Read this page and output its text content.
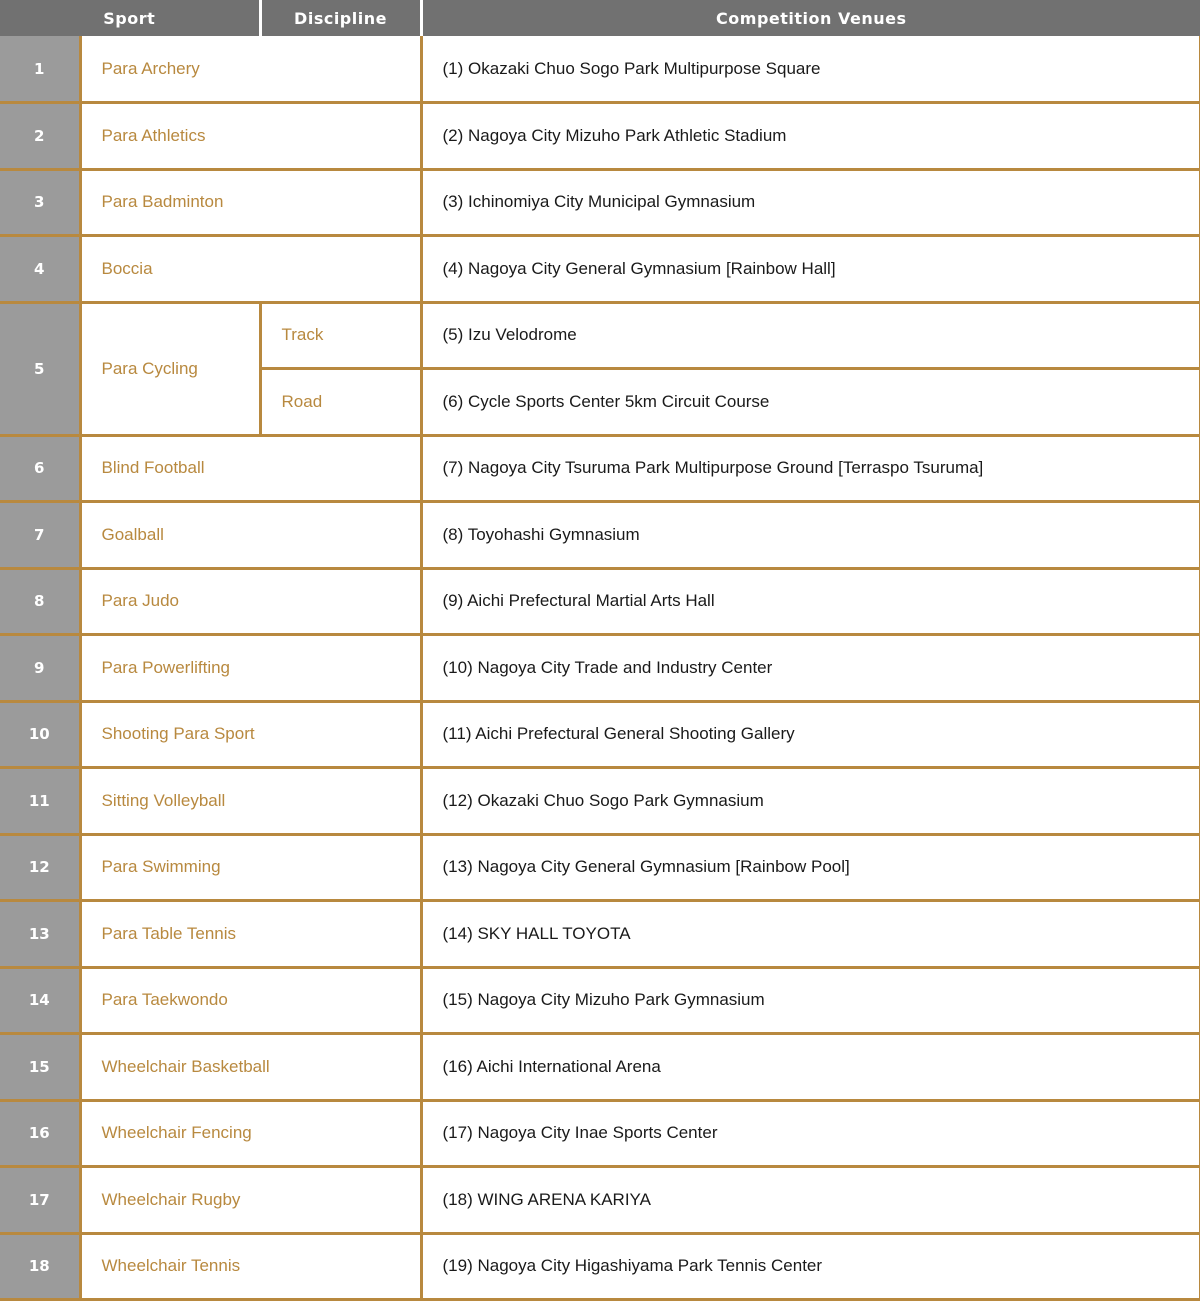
Sport		Discipline	Competition Venues
1	Para Archery		(1) Okazaki Chuo Sogo Park Multipurpose Square
2	Para Athletics		(2) Nagoya City Mizuho Park Athletic Stadium
3	Para Badminton		(3) Ichinomiya City Municipal Gymnasium
4	Boccia		(4) Nagoya City General Gymnasium [Rainbow Hall]
5	Para Cycling	Track	(5) Izu Velodrome
		Road	(6) Cycle Sports Center 5km Circuit Course
6	Blind Football		(7) Nagoya City Tsuruma Park Multipurpose Ground [Terraspo Tsuruma]
7	Goalball		(8) Toyohashi Gymnasium
8	Para Judo		(9) Aichi Prefectural Martial Arts Hall
9	Para Powerlifting		(10) Nagoya City Trade and Industry Center
10	Shooting Para Sport		(11) Aichi Prefectural General Shooting Gallery
11	Sitting Volleyball		(12) Okazaki Chuo Sogo Park Gymnasium
12	Para Swimming		(13) Nagoya City General Gymnasium [Rainbow Pool]
13	Para Table Tennis		(14) SKY HALL TOYOTA
14	Para Taekwondo		(15) Nagoya City Mizuho Park Gymnasium
15	Wheelchair Basketball		(16) Aichi International Arena
16	Wheelchair Fencing		(17) Nagoya City Inae Sports Center
17	Wheelchair Rugby		(18) WING ARENA KARIYA
18	Wheelchair Tennis		(19) Nagoya City Higashiyama Park Tennis Center
